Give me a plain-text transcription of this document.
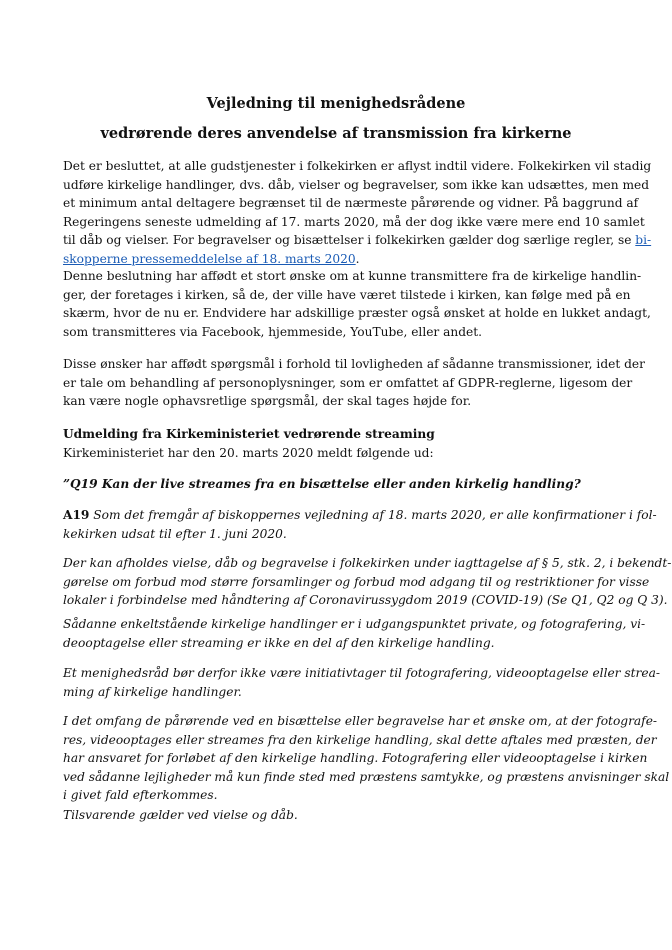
Vejledning til menighedsrådene
vedrørende deres anvendelse af transmission fra kirkerne
Det er besluttet, at alle gudstjenester i folkekirken er aflyst indtil videre. Folkekirken vil stadig
udføre kirkelige handlinger, dvs. dåb, vielser og begravelser, som ikke kan udsættes, men med
et minimum antal deltagere begrænset til de nærmeste pårørende og vidner. På baggrund af
Regeringens seneste udmelding af 17. marts 2020, må der dog ikke være mere end 10 samlet
til dåb og vielser. For begravelser og bisættelser i folkekirken gælder dog særlige regler, se bi-
skopperne pressemeddelelse af 18. marts 2020.
Denne beslutning har affødt et stort ønske om at kunne transmittere fra de kirkelige handlin-
ger, der foretages i kirken, så de, der ville have været tilstede i kirken, kan følge med på en
skærm, hvor de nu er. Endvidere har adskillige præster også ønsket at holde en lukket andagt,
som transmitteres via Facebook, hjemmeside, YouTube, eller andet.
Disse ønsker har affødt spørgsmål i forhold til lovligheden af sådanne transmissioner, idet der
er tale om behandling af personoplysninger, som er omfattet af GDPR-reglerne, ligesom der
kan være nogle ophavsretlige spørgsmål, der skal tages højde for.
Udmelding fra Kirkeministeriet vedrørende streaming
Kirkeministeriet har den 20. marts 2020 meldt følgende ud:
”Q19 Kan der live streames fra en bisættelse eller anden kirkelig handling?
A19 Som det fremgår af biskoppernes vejledning af 18. marts 2020, er alle konfirmationer i fol-
kekirken udsat til efter 1. juni 2020.
Der kan afholdes vielse, dåb og begravelse i folkekirken under iagttagelse af § 5, stk. 2, i bekendt-
gørelse om forbud mod større forsamlinger og forbud mod adgang til og restriktioner for visse
lokaler i forbindelse med håndtering af Coronavirussygdom 2019 (COVID-19) (Se Q1, Q2 og Q 3).
Sådanne enkeltstående kirkelige handlinger er i udgangspunktet private, og fotografering, vi-
deooptagelse eller streaming er ikke en del af den kirkelige handling.
Et menighedsråd bør derfor ikke være initiativtager til fotografering, videooptagelse eller strea-
ming af kirkelige handlinger.
I det omfang de pårørende ved en bisættelse eller begravelse har et ønske om, at der fotografe-
res, videooptages eller streames fra den kirkelige handling, skal dette aftales med præsten, der
har ansvaret for forløbet af den kirkelige handling. Fotografering eller videooptagelse i kirken
ved sådanne lejligheder må kun finde sted med præstens samtykke, og præstens anvisninger skal
i givet fald efterkommes.
Tilsvarende gælder ved vielse og dåb.
